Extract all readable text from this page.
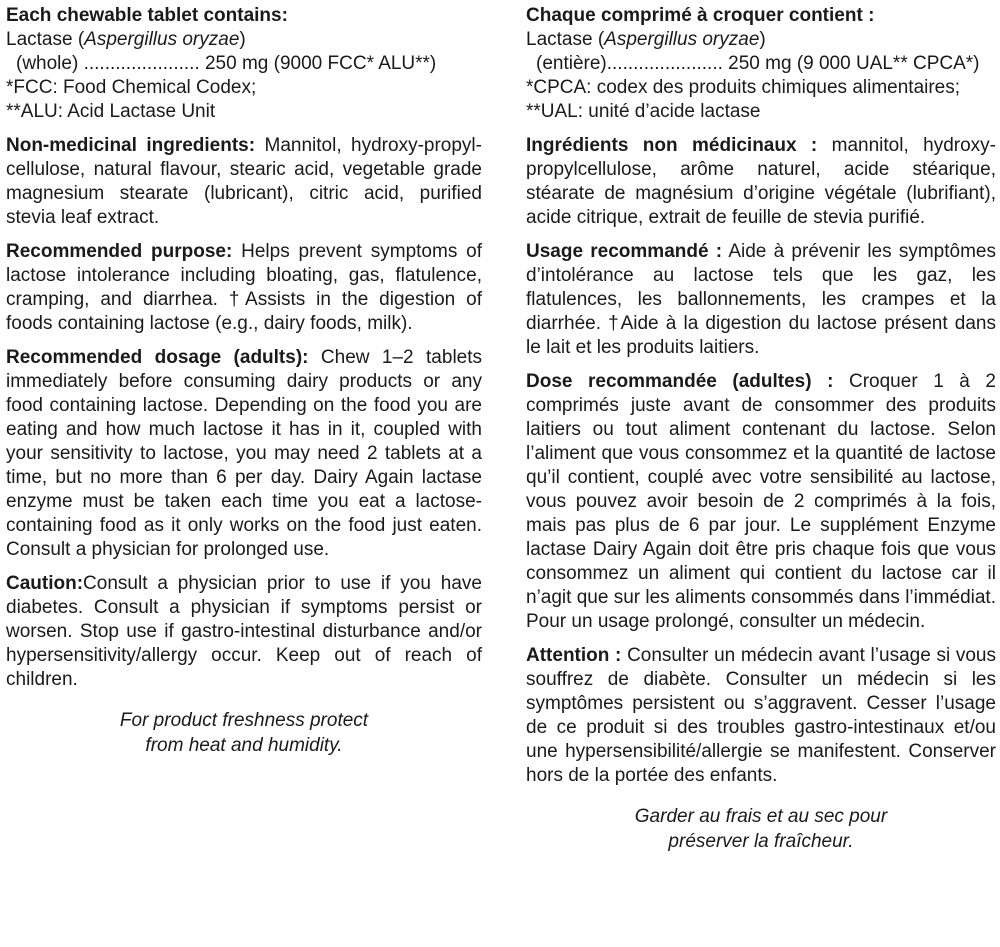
Each chewable tablet contains:
Lactase (Aspergillus oryzae)
(whole) ...................... 250 mg (9000 FCC* ALU**)
*FCC: Food Chemical Codex;
**ALU: Acid Lactase Unit

Non-medicinal ingredients: Mannitol, hydroxy-propyl-cellulose, natural flavour, stearic acid, vegetable grade magnesium stearate (lubricant), citric acid, purified stevia leaf extract.

Recommended purpose: Helps prevent symptoms of lactose intolerance including bloating, gas, flatulence, cramping, and diarrhea. †Assists in the digestion of foods containing lactose (e.g., dairy foods, milk).

Recommended dosage (adults): Chew 1–2 tablets immediately before consuming dairy products or any food containing lactose. Depending on the food you are eating and how much lactose it has in it, coupled with your sensitivity to lactose, you may need 2 tablets at a time, but no more than 6 per day. Dairy Again lactase enzyme must be taken each time you eat a lactose-containing food as it only works on the food just eaten. Consult a physician for prolonged use.

Caution:Consult a physician prior to use if you have diabetes. Consult a physician if symptoms persist or worsen. Stop use if gastro-intestinal disturbance and/or hypersensitivity/allergy occur. Keep out of reach of children.

For product freshness protect
from heat and humidity.
Chaque comprimé à croquer contient :
Lactase (Aspergillus oryzae)
(entière)...................... 250 mg (9 000 UAL** CPCA*)
*CPCA: codex des produits chimiques alimentaires;
**UAL: unité d’acide lactase

Ingrédients non médicinaux : mannitol, hydroxy-propylcellulose, arôme naturel, acide stéarique, stéarate de magnésium d’origine végétale (lubrifiant), acide citrique, extrait de feuille de stevia purifié.

Usage recommandé : Aide à prévenir les symptômes d’intolérance au lactose tels que les gaz, les flatulences, les ballonnements, les crampes et la diarrhée. †Aide à la digestion du lactose présent dans le lait et les produits laitiers.

Dose recommandée (adultes) : Croquer 1 à 2 comprimés juste avant de consommer des produits laitiers ou tout aliment contenant du lactose. Selon l’aliment que vous consommez et la quantité de lactose qu’il contient, couplé avec votre sensibilité au lactose, vous pouvez avoir besoin de 2 comprimés à la fois, mais pas plus de 6 par jour. Le supplément Enzyme lactase Dairy Again doit être pris chaque fois que vous consommez un aliment qui contient du lactose car il n’agit que sur les aliments consommés dans l’immédiat. Pour un usage prolongé, consulter un médecin.

Attention : Consulter un médecin avant l’usage si vous souffrez de diabète. Consulter un médecin si les symptômes persistent ou s’aggravent. Cesser l’usage de ce produit si des troubles gastro-intestinaux et/ou une hypersensibilité/allergie se manifestent. Conserver hors de la portée des enfants.

Garder au frais et au sec pour
préserver la fraîcheur.
